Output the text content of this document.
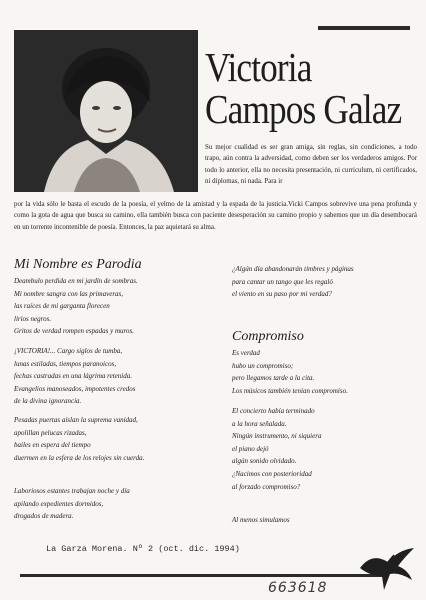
Victoria
Campos Galaz

Su mejor cualidad es ser gran amiga, sin reglas, sin condiciones, a todo trapo, aún contra la adversidad, como deben ser los verdaderos amigos. Por todo lo anterior, ella no necesita presentación, ni curriculum, ni certificados, ni diplomas, ni nada. Para ir

por la vida sólo le basta el escudo de la poesía, el yelmo de la amistad y la espada de la justicia.Vicki Campos sobrevive una pena profunda y como la gota de agua que busca su camino, ella también busca con paciente desesperación su camino propio y sabemos que un día desembocará en un torrente incontenible de poesía. Entonces, la paz aquietará su alma.

Mi Nombre es Parodia
Deambulo perdida en mi jardín de sombras.
Mi nombre sangra con las primaveras,
las raíces de mi garganta florecen
lirios negros.
Gritos de verdad rompen espadas y muros.
¡VICTORIA!... Cargo siglos de tumba,
lunas estiladas, tiempos paranoicos,
fechas castradas en una lágrima retenida.
Evangelios manoseados, impotentes credos
de la divina ignorancia.
Pesadas puertas aíslan la suprema vanidad,
apolillan pelucas rizadas,
bailes en espera del tiempo
duermen en la esfera de los relojes sin cuerda.
Laboriosos estantes trabajan noche y día
apilando expedientes dormidos,
drogados de madera.
¿Algún día abandonarán timbres y páginas
para cantar un tango que les regaló
el viento en su paso por mi verdad?
Compromiso
Es verdad
hubo un compromiso;
pero llegamos tarde a la cita.
Los músicos también tenían compromiso.
El concierto había terminado
a la hora señalada.
Ningún instrumento, ni siquiera
el piano dejó
algún sonido olvidado.
¿Nacimos con posterioridad
al forzado compromiso?
Al menos simulamos

La Garza Morena. Nº 2 (oct. dic. 1994)

663618
